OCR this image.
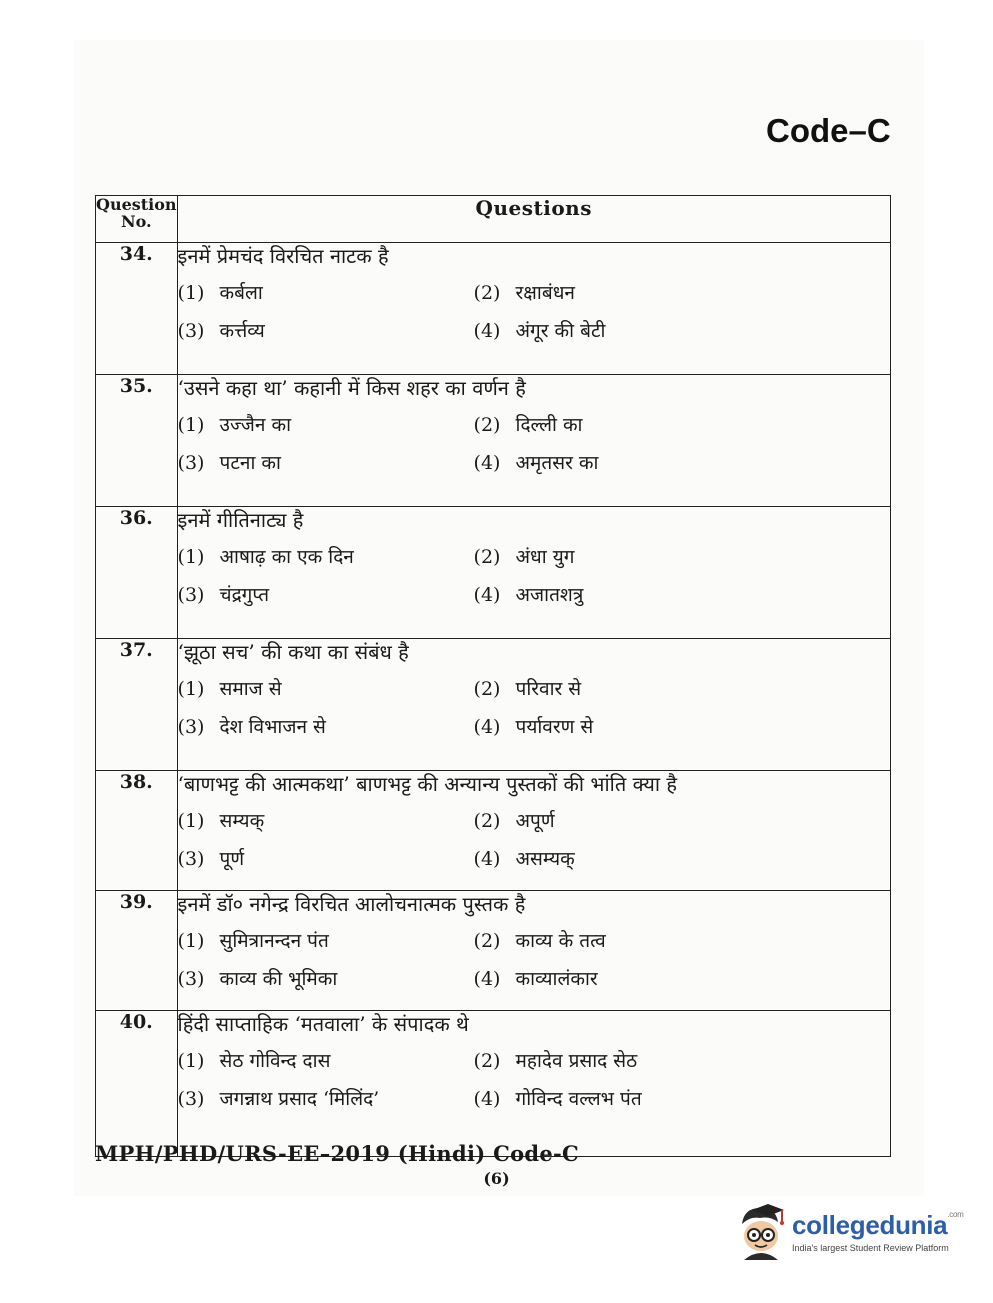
Code–C
Question
No.	Questions
34.	इनमें प्रेमचंद विरचित नाटक है
(1) कर्बला (2) रक्षाबंधन
(3) कर्त्तव्य (4) अंगूर की बेटी

35.	‘उसने कहा था’ कहानी में किस शहर का वर्णन है
(1) उज्जैन का (2) दिल्ली का
(3) पटना का (4) अमृतसर का

36.	इनमें गीतिनाट्य है
(1) आषाढ़ का एक दिन (2) अंधा युग
(3) चंद्रगुप्त (4) अजातशत्रु

37.	‘झूठा सच’ की कथा का संबंध है
(1) समाज से (2) परिवार से
(3) देश विभाजन से (4) पर्यावरण से

38.	‘बाणभट्ट की आत्मकथा’ बाणभट्ट की अन्यान्य पुस्तकों की भांति क्या है
(1) सम्यक् (2) अपूर्ण
(3) पूर्ण (4) असम्यक्

39.	इनमें डॉ० नगेन्द्र विरचित आलोचनात्मक पुस्तक है
(1) सुमित्रानन्दन पंत (2) काव्य के तत्व
(3) काव्य की भूमिका (4) काव्यालंकार

40.	हिंदी साप्ताहिक ‘मतवाला’ के संपादक थे
(1) सेठ गोविन्द दास (2) महादेव प्रसाद सेठ
(3) जगन्नाथ प्रसाद ‘मिलिंद’ (4) गोविन्द वल्लभ पंत
MPH/PHD/URS-EE–2019 (Hindi) Code-C
(6)
collegedunia$^{.com}$
India's largest Student Review Platform
